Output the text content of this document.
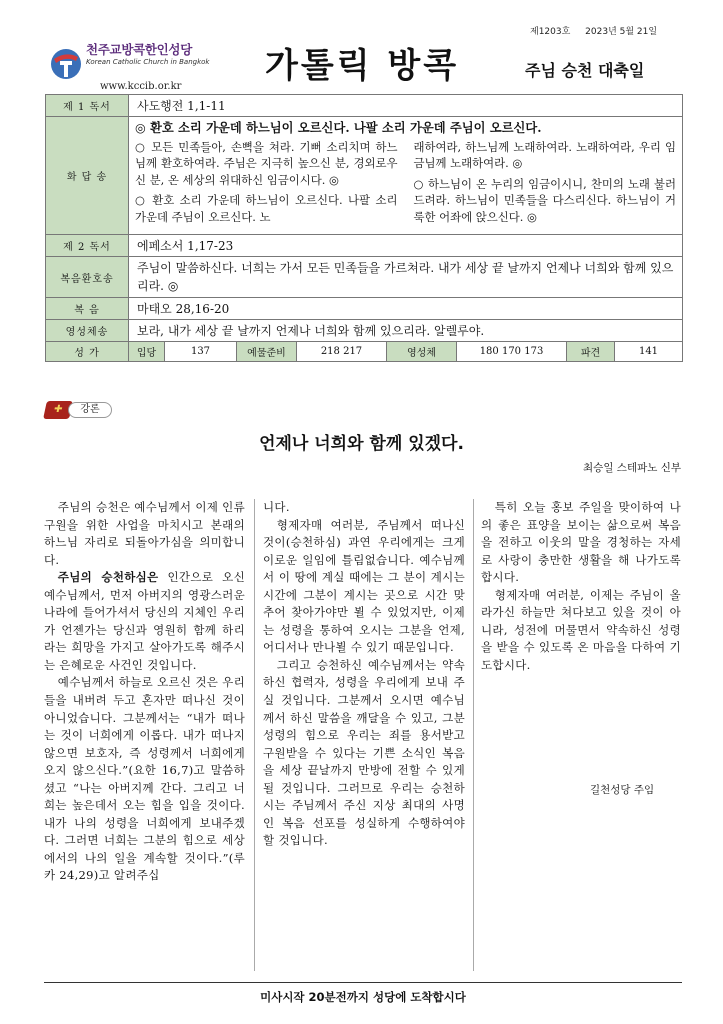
천주교방콕한인성당
Korean Catholic Church in Bangkok
www.kccib.or.kr
가톨릭 방콕
제1203호 2023년 5월 21일
주님 승천 대축일
제 1 독서	사도행전 1,1-11							
화 답 송	◎ 환호 소리 가운데 하느님이 오르신다. 나팔 소리 가운데 주님이 오르신다.
○ 모든 민족들아, 손뼉을 쳐라. 기뻐 소리치며 하느님께 환호하여라. 주님은 지극히 높으신 분, 경외로우신 분, 온 세상의 위대하신 임금이시다. ◎
○ 환호 소리 가운데 하느님이 오르신다. 나팔 소리 가운데 주님이 오르신다. 노
래하여라, 하느님께 노래하여라. 노래하여라, 우리 임금님께 노래하여라. ◎
○ 하느님이 온 누리의 임금이시니, 찬미의 노래 불러 드려라. 하느님이 민족들을 다스리신다. 하느님이 거룩한 어좌에 앉으신다. ◎							

제 2 독서	에페소서 1,17-23							
복음환호송	주님이 말씀하신다. 너희는 가서 모든 민족들을 가르쳐라. 내가 세상 끝 날까지 언제나 너희와 함께 있으리라. ◎							
복 음	마태오 28,16-20							
영성체송	보라, 내가 세상 끝 날까지 언제나 너희와 함께 있으리라. 알렐루야.							
성 가	입당	137	예물준비	218 217	영성체	180 170 173	파견	141
✚	강론
언제나 너희와 함께 있겠다.
최승일 스테파노 신부

주님의 승천은 예수님께서 이제 인류구원을 위한 사업을 마치시고 본래의 하느님 자리로 되돌아가심을 의미합니다.

주님의 승천하심은 인간으로 오신 예수님께서, 먼저 아버지의 영광스러운 나라에 들어가셔서 당신의 지체인 우리가 언젠가는 당신과 영원히 함께 하리라는 희망을 가지고 살아가도록 해주시는 은혜로운 사건인 것입니다.

예수님께서 하늘로 오르신 것은 우리들을 내버려 두고 혼자만 떠나신 것이 아니었습니다. 그분께서는 “내가 떠나는 것이 너희에게 이롭다. 내가 떠나지 않으면 보호자, 즉 성령께서 너희에게 오지 않으신다.”(요한 16,7)고 말씀하셨고 “나는 아버지께 간다. 그리고 너희는 높은데서 오는 힘을 입을 것이다. 내가 나의 성령을 너희에게 보내주겠다. 그러면 너희는 그분의 힘으로 세상에서의 나의 일을 계속할 것이다.”(루카 24,29)고 알려주십

니다.

형제자매 여러분, 주님께서 떠나신 것이(승천하심) 과연 우리에게는 크게 이로운 일임에 틀림없습니다. 예수님께서 이 땅에 계실 때에는 그 분이 계시는 시간에 그분이 계시는 곳으로 시간 맞추어 찾아가야만 뵐 수 있었지만, 이제는 성령을 통하여 오시는 그분을 언제, 어디서나 만나뵐 수 있기 때문입니다.

그리고 승천하신 예수님께서는 약속하신 협력자, 성령을 우리에게 보내 주실 것입니다. 그분께서 오시면 예수님께서 하신 말씀을 깨달을 수 있고, 그분 성령의 힘으로 우리는 죄를 용서받고 구원받을 수 있다는 기쁜 소식인 복음을 세상 끝날까지 만방에 전할 수 있게 될 것입니다. 그러므로 우리는 승천하시는 주님께서 주신 지상 최대의 사명인 복음 선포를 성실하게 수행하여야 할 것입니다.

특히 오늘 홍보 주일을 맞이하여 나의 좋은 표양을 보이는 삶으로써 복음을 전하고 이웃의 말을 경청하는 자세로 사랑이 충만한 생활을 해 나가도록 합시다.

형제자매 여러분, 이제는 주님이 올라가신 하늘만 쳐다보고 있을 것이 아니라, 성전에 머물면서 약속하신 성령을 받을 수 있도록 온 마음을 다하여 기도합시다.

길천성당 주임
미사시작 20분전까지 성당에 도착합시다
